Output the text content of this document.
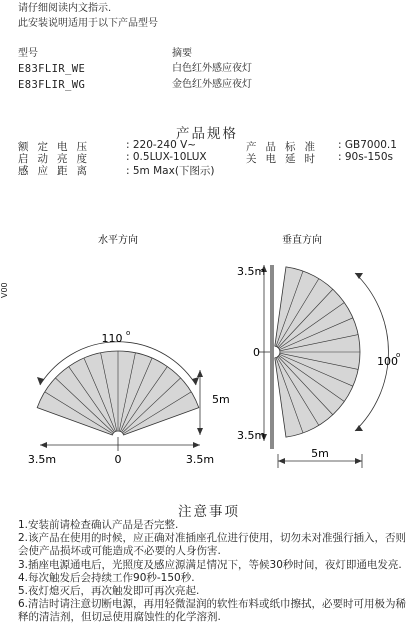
请仔细阅读内文指示.
此安装说明适用于以下产品型号
型号	摘要
E83FLIR_WE	白色红外感应夜灯
E83FLIR_WG	金色红外感应夜灯
产品规格
额定电压	: 220-240 V~	产品标准 : GB7000.1
启动亮度	: 0.5LUX-10LUX	关电延时 : 90s-150s
感应距离	: 5m Max(下图示)
V00
水平方向
110 o
5m
3.5m	0	3.5m
垂直方向
3.5m
0
3.5m
100
o
5m
注意事项

1.安装前请检查确认产品是否完整.

2.该产品在使用的时候，应正确对准插座孔位进行使用，切勿未对准强行插入，否则会使产品损坏或可能造成不必要的人身伤害.

3.插座电源通电后，光照度及感应源满足情况下，等候30秒时间，夜灯即通电发亮.

4.每次触发后会持续工作90秒-150秒.

5.夜灯熄灭后，再次触发即可再次亮起.

6.清洁时请注意切断电源，再用轻微湿润的软性布料或纸巾擦拭，必要时可用极为稀释的清洁剂，但切忌使用腐蚀性的化学溶剂.
